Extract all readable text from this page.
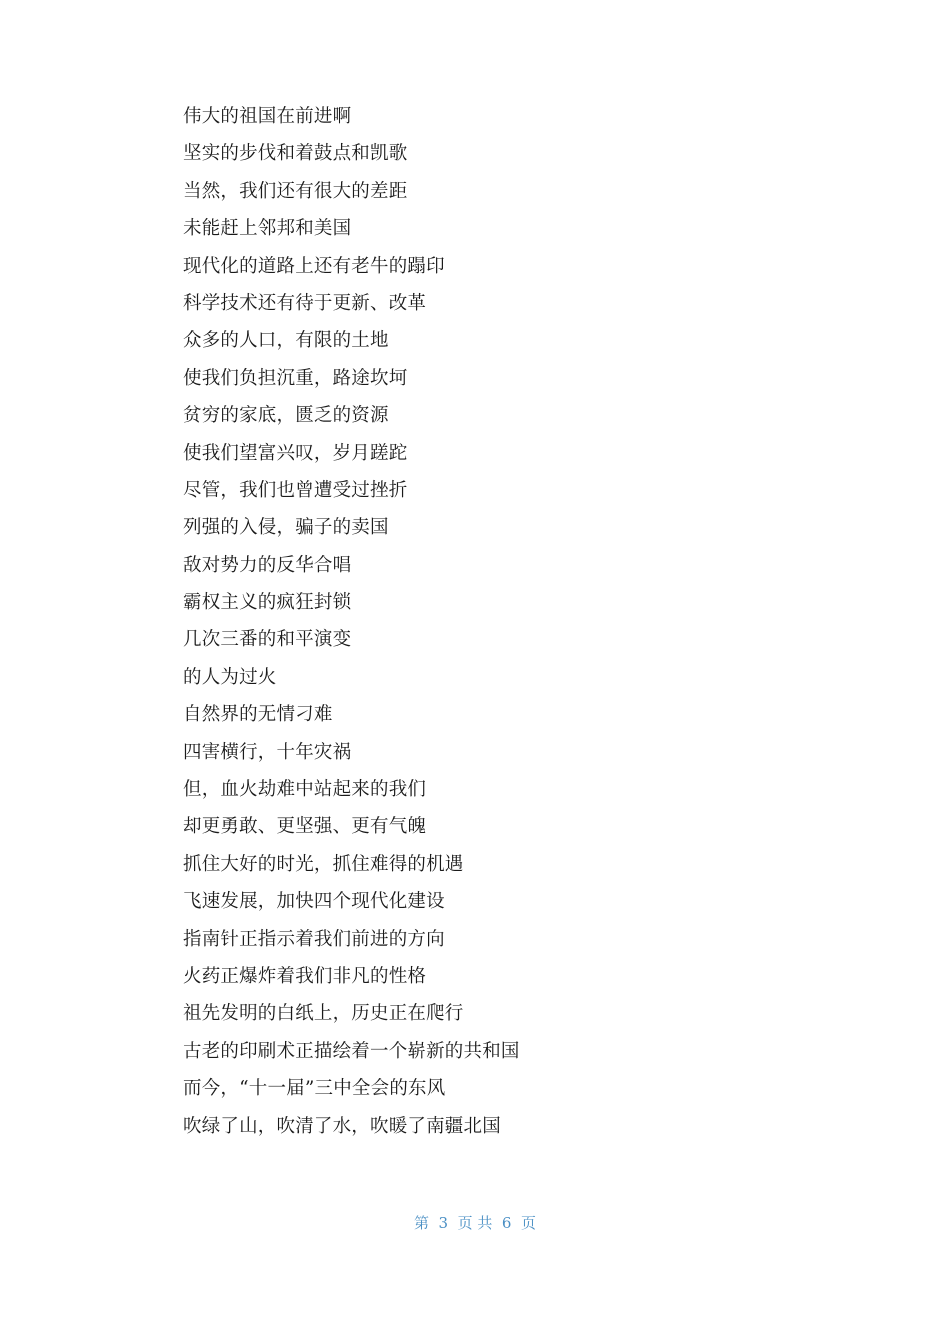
伟大的祖国在前进啊
坚实的步伐和着鼓点和凯歌
当然，我们还有很大的差距
未能赶上邻邦和美国
现代化的道路上还有老牛的蹋印
科学技术还有待于更新、改革
众多的人口，有限的土地
使我们负担沉重，路途坎坷
贫穷的家底，匮乏的资源
使我们望富兴叹，岁月蹉跎
尽管，我们也曾遭受过挫折
列强的入侵，骗子的卖国
敌对势力的反华合唱
霸权主义的疯狂封锁
几次三番的和平演变
的人为过火
自然界的无情刁难
四害横行，十年灾祸
但，血火劫难中站起来的我们
却更勇敢、更坚强、更有气魄
抓住大好的时光，抓住难得的机遇
飞速发展，加快四个现代化建设
指南针正指示着我们前进的方向
火药正爆炸着我们非凡的性格
祖先发明的白纸上，历史正在爬行
古老的印刷术正描绘着一个崭新的共和国
而今，“十一届”三中全会的东风
吹绿了山，吹清了水，吹暖了南疆北国
第  3  页 共  6  页
